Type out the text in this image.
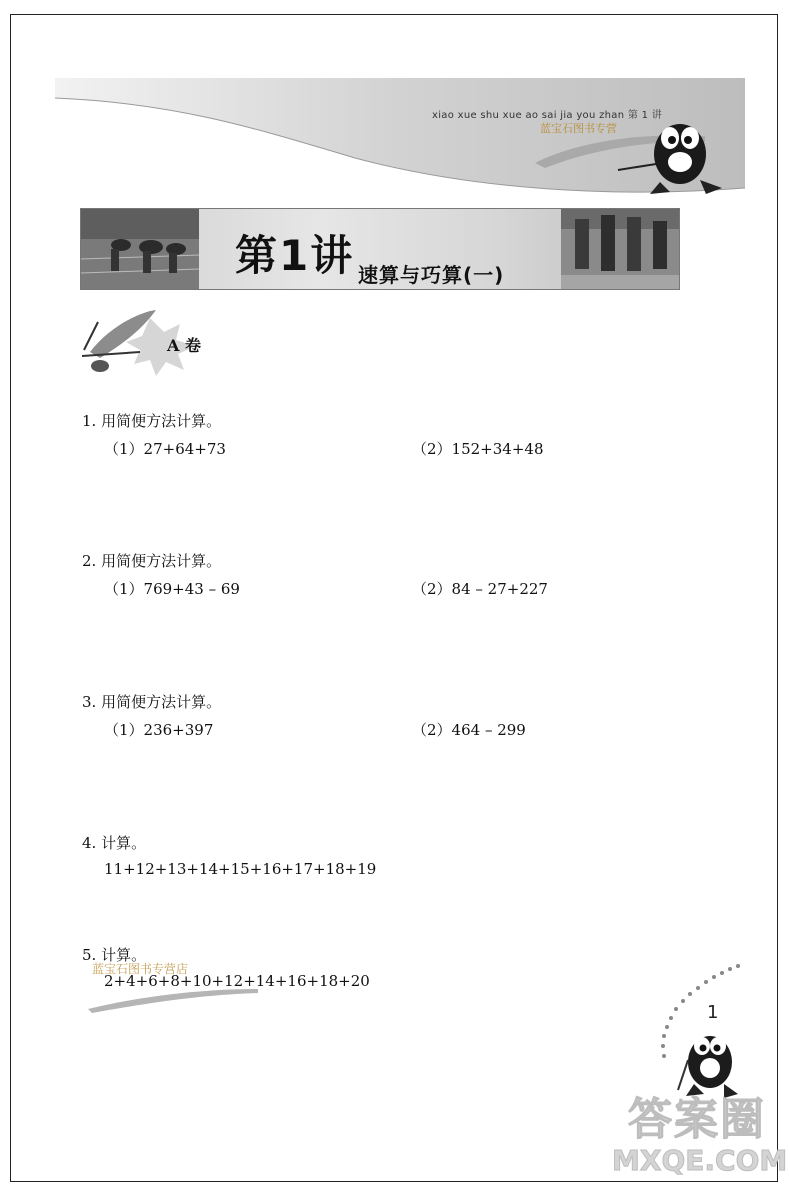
xiao xue shu xue ao sai jia you zhan 第 1 讲
蓝宝石图书专营
第1讲 速算与巧算(一)
A 卷
1. 用简便方法计算。
（1）27+64+73	（2）152+34+48
2. 用简便方法计算。
（1）769+43 – 69	（2）84 – 27+227
3. 用简便方法计算。
（1）236+397	（2）464 – 299
4. 计算。
11+12+13+14+15+16+17+18+19
蓝宝石图书专营店
5. 计算。
2+4+6+8+10+12+14+16+18+20
1
答案圈
MXQE.COM
